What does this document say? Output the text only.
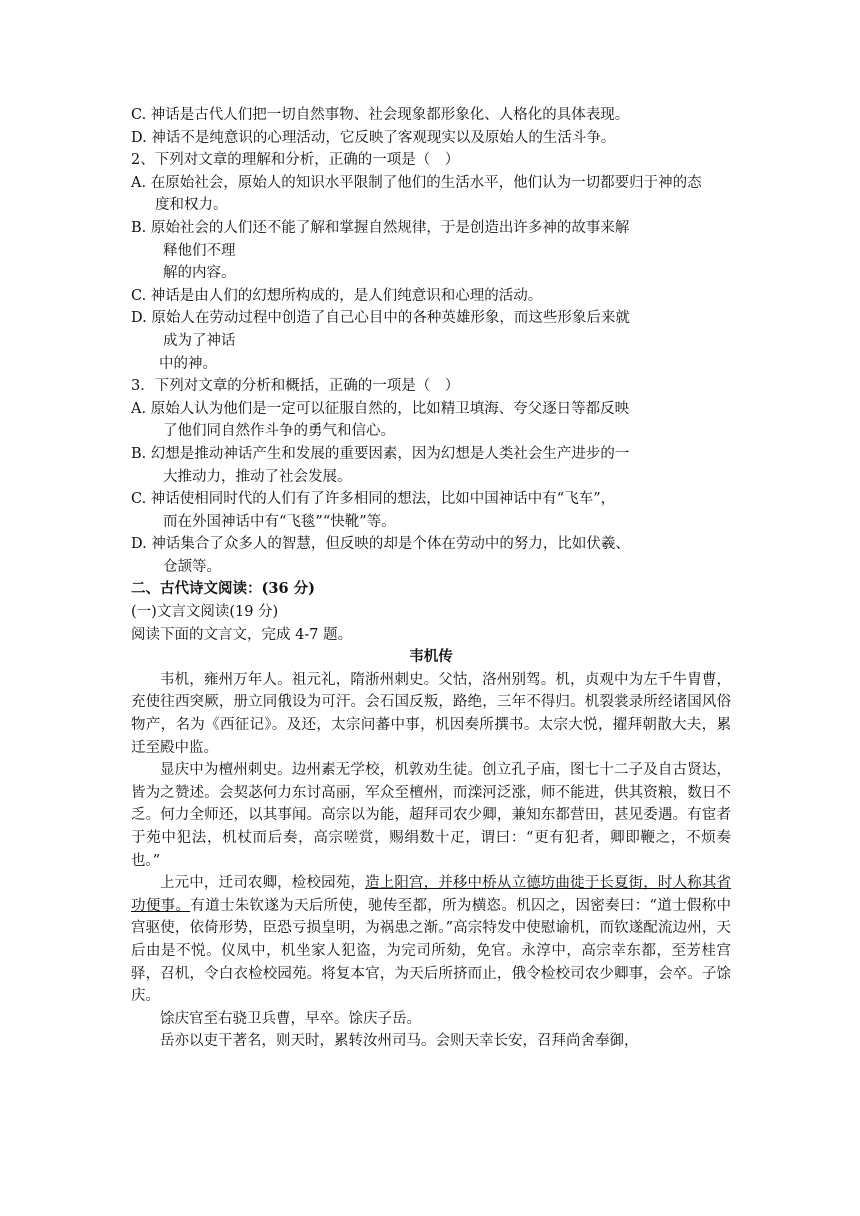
C. 神话是古代人们把一切自然事物、社会现象都形象化、人格化的具体表现。
D. 神话不是纯意识的心理活动，它反映了客观现实以及原始人的生活斗争。
2、下列对文章的理解和分析，正确的一项是（　）
A. 在原始社会，原始人的知识水平限制了他们的生活水平，他们认为一切都要归于神的态
度和权力。
B. 原始社会的人们还不能了解和掌握自然规律，于是创造出许多神的故事来解
释他们不理
解的内容。
C. 神话是由人们的幻想所构成的，是人们纯意识和心理的活动。
D. 原始人在劳动过程中创造了自己心目中的各种英雄形象，而这些形象后来就
成为了神话
中的神。
3．下列对文章的分析和概括，正确的一项是（　）
A. 原始人认为他们是一定可以征服自然的，比如精卫填海、夸父逐日等都反映
了他们同自然作斗争的勇气和信心。
B. 幻想是推动神话产生和发展的重要因素，因为幻想是人类社会生产进步的一
大推动力，推动了社会发展。
C. 神话使相同时代的人们有了许多相同的想法，比如中国神话中有“飞车”，
而在外国神话中有“飞毯”“快靴”等。
D. 神话集合了众多人的智慧，但反映的却是个体在劳动中的努力，比如伏羲、
仓颉等。
二、古代诗文阅读：(36 分)
(一)文言文阅读(19 分)
阅读下面的文言文，完成 4-7 题。
韦机传
韦机，雍州万年人。祖元礼，隋浙州刺史。父怙，洛州别驾。机，贞观中为左千牛胄曹，充使往西突厥，册立同俄设为可汗。会石国反叛，路绝，三年不得归。机裂裳录所经诸国风俗物产，名为《西征记》。及还，太宗问蕃中事，机因奏所撰书。太宗大悦，擢拜朝散大夫，累迁至殿中监。
显庆中为檀州刺史。边州素无学校，机敦劝生徒。创立孔子庙，图七十二子及自古贤达，皆为之赞述。会契苾何力东讨高丽，军众至檀州，而滦河泛涨，师不能进，供其资粮，数日不乏。何力全师还，以其事闻。高宗以为能，超拜司农少卿，兼知东都营田，甚见委遇。有宦者于苑中犯法，机杖而后奏，高宗嗟赏，赐绢数十疋，谓曰：“更有犯者，卿即鞭之，不烦奏也。”
上元中，迁司农卿，检校园苑，造上阳宫，并移中桥从立德坊曲徙于长夏街，时人称其省功便事。有道士朱钦遂为天后所使，驰传至都，所为横恣。机囚之，因密奏曰：“道士假称中宫驱使，依倚形势，臣恐亏损皇明，为祸患之渐。”高宗特发中使慰谕机，而钦遂配流边州，天后由是不悦。仪凤中，机坐家人犯盗，为完司所劾，免官。永淳中，高宗幸东都，至芳桂宫驿，召机，令白衣检校园苑。将复本官，为天后所挤而止，俄令检校司农少卿事，会卒。子馀庆。
馀庆官至右骁卫兵曹，早卒。馀庆子岳。
岳亦以吏干著名，则天时，累转汝州司马。会则天幸长安，召拜尚舍奉御，
